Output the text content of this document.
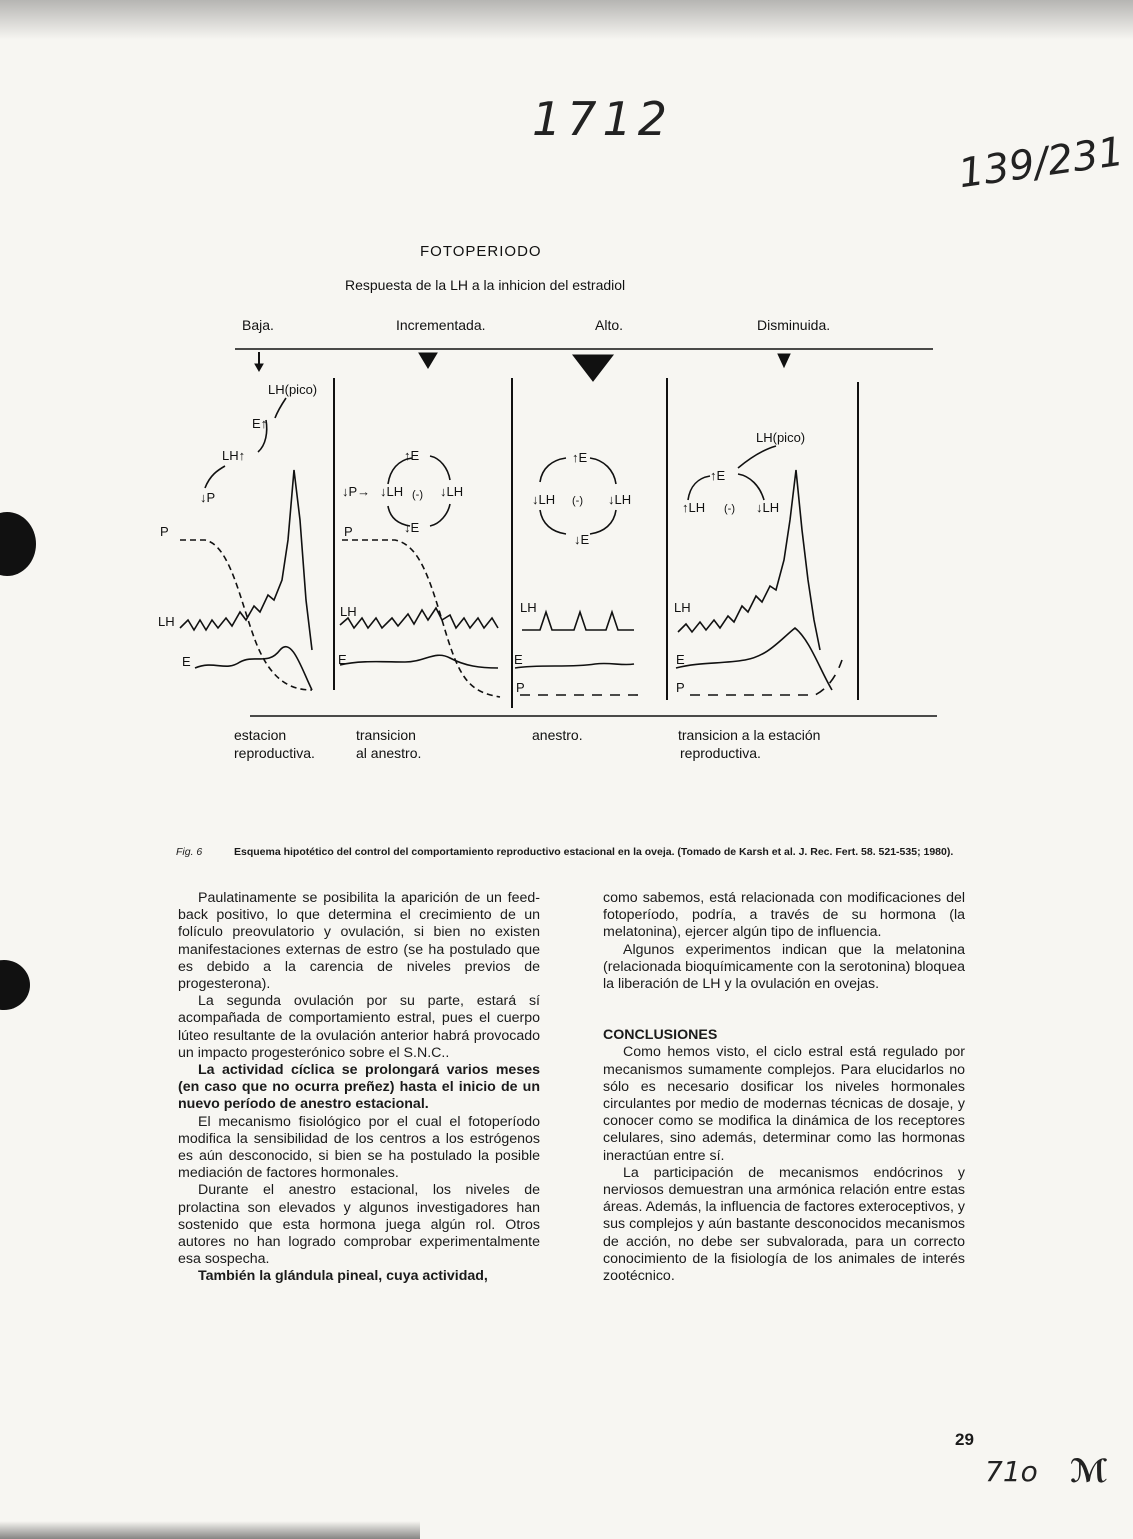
1712
139/231
71o ℳ
FOTOPERIODO
Respuesta de la LH a la inhicion del estradiol
Baja.	Incrementada.	Alto.	Disminuida.
P
LH
E
LH(pico)
E↑
LH↑
↓P
P
LH
E
↑E
↓P→ ↓LH (-) ↓LH
↓E
LH
E
P
↑E
↓LH (-) ↓LH
↓E
LH
E
P
LH(pico)
↑E
↑LH (-) ↓LH
estacion
reproductiva.
transicion
al anestro.
anestro.	transicion a la estación
reproductiva.
Fig. 6	Esquema hipotético del control del comportamiento reproductivo estacional en la oveja. (Tomado de Karsh et al. J. Rec. Fert. 58. 521-535; 1980).

Paulatinamente se posibilita la aparición de un feed-back positivo, lo que determina el crecimiento de un folículo preovulatorio y ovulación, si bien no existen manifestaciones externas de estro (se ha postulado que es debido a la carencia de niveles previos de progesterona).

La segunda ovulación por su parte, estará sí acompañada de comportamiento estral, pues el cuerpo lúteo resultante de la ovulación anterior habrá provocado un impacto progesterónico sobre el S.N.C..

La actividad cíclica se prolongará varios meses (en caso que no ocurra preñez) hasta el inicio de un nuevo período de anestro estacional.

El mecanismo fisiológico por el cual el fotoperíodo modifica la sensibilidad de los centros a los estrógenos es aún desconocido, si bien se ha postulado la posible mediación de factores hormonales.

Durante el anestro estacional, los niveles de prolactina son elevados y algunos investigadores han sostenido que esta hormona juega algún rol. Otros autores no han logrado comprobar experimentalmente esa sospecha.

También la glándula pineal, cuya actividad,

como sabemos, está relacionada con modificaciones del fotoperíodo, podría, a través de su hormona (la melatonina), ejercer algún tipo de influencia.

Algunos experimentos indican que la melatonina (relacionada bioquímicamente con la serotonina) bloquea la liberación de LH y la ovulación en ovejas.

CONCLUSIONES

Como hemos visto, el ciclo estral está regulado por mecanismos sumamente complejos. Para elucidarlos no sólo es necesario dosificar los niveles hormonales circulantes por medio de modernas técnicas de dosaje, y conocer como se modifica la dinámica de los receptores celulares, sino además, determinar como las hormonas ineractúan entre sí.

La participación de mecanismos endócrinos y nerviosos demuestran una armónica relación entre estas áreas. Además, la influencia de factores exteroceptivos, y sus complejos y aún bastante desconocidos mecanismos de acción, no debe ser subvalorada, para un correcto conocimiento de la fisiología de los animales de interés zootécnico.

29
